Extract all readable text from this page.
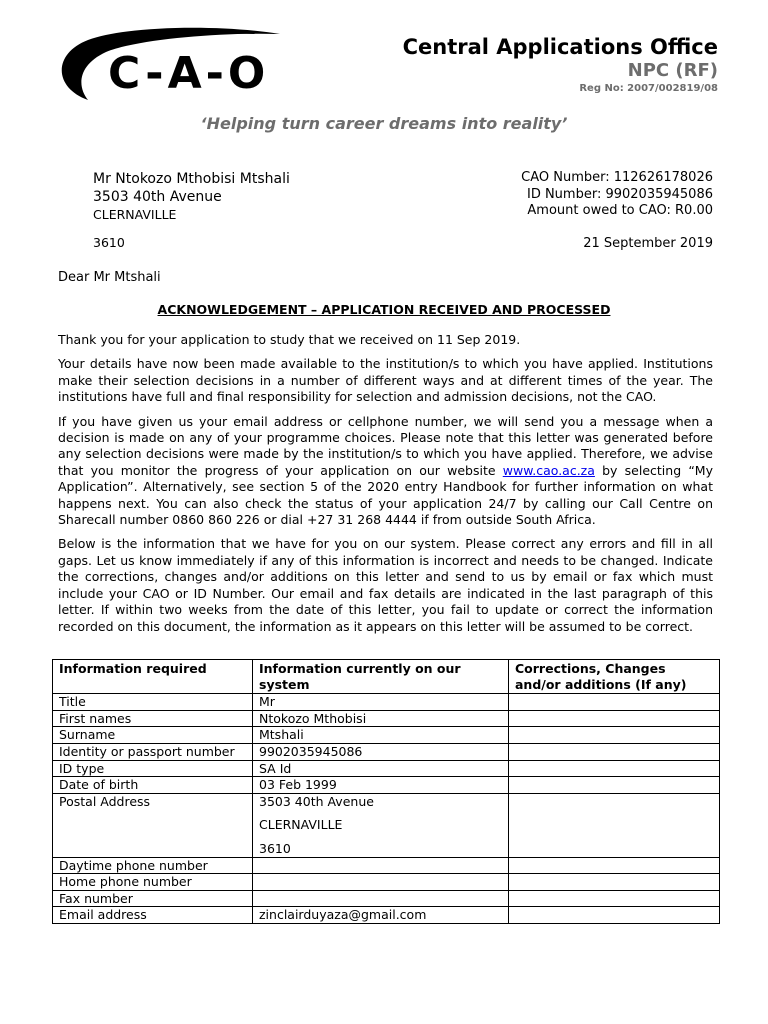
C-A-O
Central Applications Office
NPC (RF)
Reg No: 2007/002819/08
‘Helping turn career dreams into reality’
Mr Ntokozo Mthobisi Mtshali
3503 40th Avenue
CLERNAVILLE
3610
CAO Number: 112626178026
ID Number: 9902035945086
Amount owed to CAO: R0.00
21 September 2019
Dear Mr Mtshali
ACKNOWLEDGEMENT – APPLICATION RECEIVED AND PROCESSED

Thank you for your application to study that we received on 11 Sep 2019.

Your details have now been made available to the institution/s to which you have applied. Institutions make their selection decisions in a number of different ways and at different times of the year. The institutions have full and final responsibility for selection and admission decisions, not the CAO.

If you have given us your email address or cellphone number, we will send you a message when a decision is made on any of your programme choices. Please note that this letter was generated before any selection decisions were made by the institution/s to which you have applied. Therefore, we advise that you monitor the progress of your application on our website www.cao.ac.za by selecting “My Application”. Alternatively, see section 5 of the 2020 entry Handbook for further information on what happens next. You can also check the status of your application 24/7 by calling our Call Centre on Sharecall number 0860 860 226 or dial +27 31 268 4444 if from outside South Africa.

Below is the information that we have for you on our system. Please correct any errors and fill in all gaps. Let us know immediately if any of this information is incorrect and needs to be changed. Indicate the corrections, changes and/or additions on this letter and send to us by email or fax which must include your CAO or ID Number. Our email and fax details are indicated in the last paragraph of this letter. If within two weeks from the date of this letter, you fail to update or correct the information recorded on this document, the information as it appears on this letter will be assumed to be correct.

Information required	Information currently on our system	Corrections, Changes and/or additions (If any)
Title	Mr	
First names	Ntokozo Mthobisi	
Surname	Mtshali	
Identity or passport number	9902035945086	
ID type	SA Id	
Date of birth	03 Feb 1999	
Postal Address	3503 40th Avenue
CLERNAVILLE
3610	

Daytime phone number		
Home phone number		
Fax number		
Email address	zinclairduyaza@gmail.com	
